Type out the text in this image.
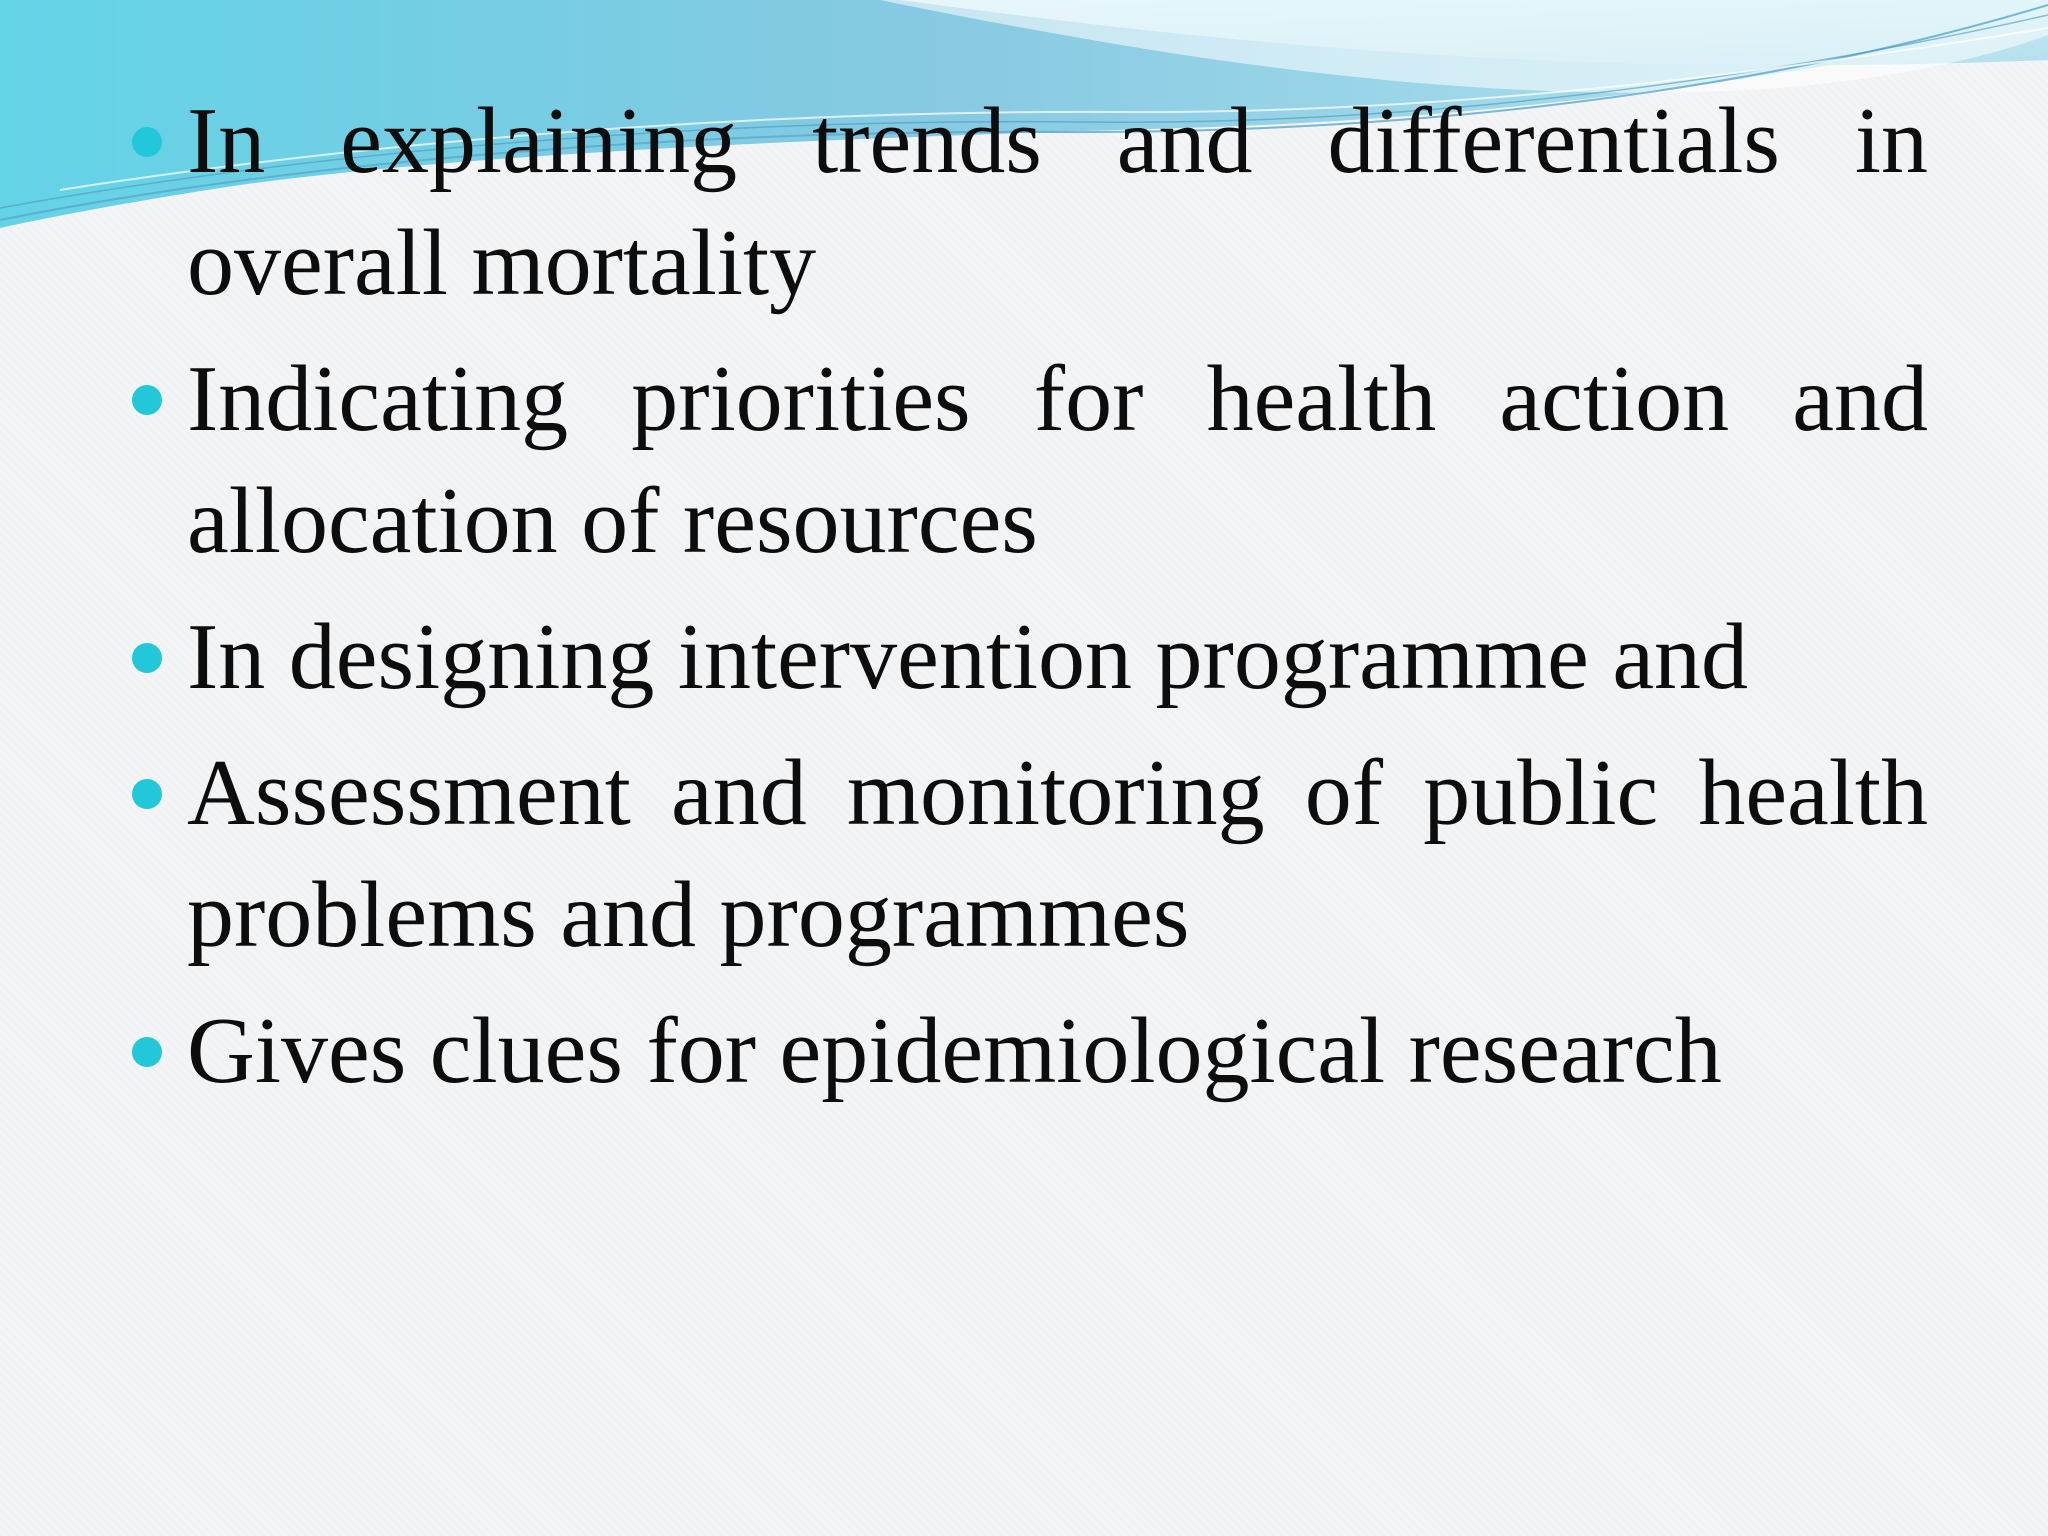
In explaining trends and differentials in overall mortality
Indicating priorities for health action and allocation of resources
In designing intervention programme and
Assessment and monitoring of public health problems and programmes
Gives clues for epidemiological research
